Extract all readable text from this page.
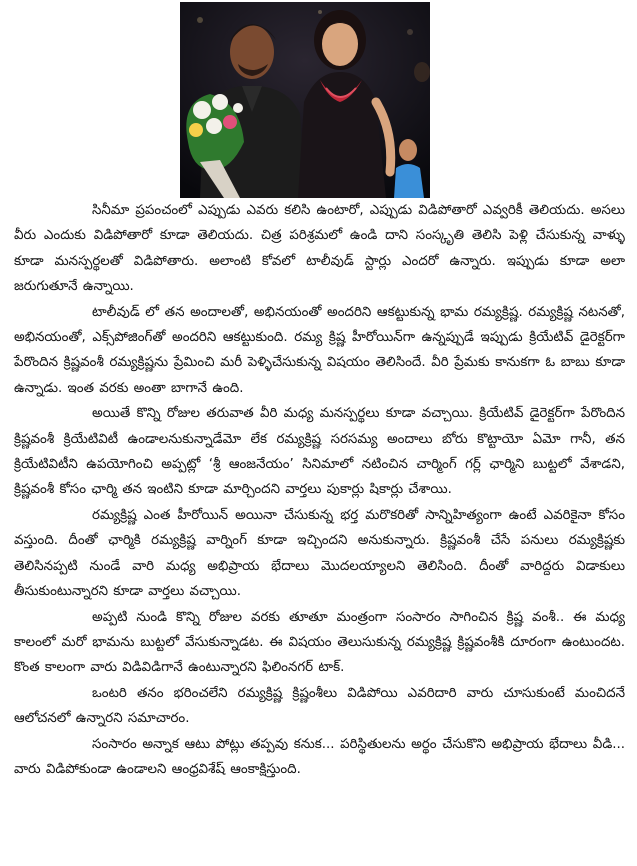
సినీమా ప్రపంచంలో ఎప్పుడు ఎవరు కలిసి ఉంటారో, ఎప్పుడు విడిపోతారో ఎవ్వరికీ తెలియదు. అసలు వీరు ఎందుకు విడిపోతారో కూడా తెలియదు. చిత్ర పరిశ్రమలో ఉండి దాని సంస్కృతి తెలిసి పెళ్లి చేసుకున్న వాళ్ళు కూడా మనస్పర్థలతో విడిపోతారు. అలాంటి కోవలో టాలీవుడ్ స్టార్లు ఎందరో ఉన్నారు. ఇప్పుడు కూడా అలా జరుగుతూనే ఉన్నాయి.

టాలీవుడ్ లో తన అందాలతో, అభినయంతో అందరిని ఆకట్టుకున్న భామ రమ్యక్రిష్ణ. రమ్యక్రిష్ణ నటనతో, అభినయంతో, ఎక్స్‌పోజింగ్‌తో అందరిని ఆకట్టుకుంది. రమ్య క్రిష్ణ హీరోయిన్‌గా ఉన్నప్పుడే ఇప్పుడు క్రియేటివ్ డైరెక్టర్‌గా పేరొందిన క్రిష్ణవంశీ రమ్యక్రిష్ణను ప్రేమించి మరీ పెళ్ళిచేసుకున్న విషయం తెలిసిందే. వీరి ప్రేమకు కానుకగా ఓ బాబు కూడా ఉన్నాడు. ఇంత వరకు అంతా బాగానే ఉంది.

అయితే కొన్ని రోజుల తరువాత వీరి మధ్య మనస్పర్థలు కూడా వచ్చాయి. క్రియేటివ్ డైరెక్టర్‌గా పేరొందిన క్రిష్ణవంశీ క్రియేటివిటీ ఉండాలనుకున్నాడేమో లేక రమ్యక్రిష్ణ సరసమ్య అందాలు బోరు కొట్టాయో ఏమో గానీ, తన క్రియేటివిటీని ఉపయోగించి అప్పట్లో ‘శ్రీ ఆంజనేయం’ సినిమాలో నటించిన చార్మింగ్ గర్ల్ ఛార్మిని బుట్టలో వేశాడని, క్రిష్ణవంశీ కోసం ఛార్మి తన ఇంటిని కూడా మార్చిందని వార్తలు పుకార్లు షికార్లు చేశాయి.

రమ్యక్రిష్ణ ఎంత హీరోయిన్ అయినా చేసుకున్న భర్త మరొకరితో సాన్నిహిత్యంగా ఉంటే ఎవరికైనా కోసం వస్తుంది. దీంతో ఛార్మికి రమ్యక్రిష్ణ వార్నింగ్ కూడా ఇచ్చిందని అనుకున్నారు. క్రిష్ణవంశీ చేసే పనులు రమ్యక్రిష్ణకు తెలిసినప్పటి నుండే వారి మధ్య అభిప్రాయ భేదాలు మొదలయ్యాలని తెలిసింది. దీంతో వారిద్దరు విడాకులు తీసుకుంటున్నారని కూడా వార్తలు వచ్చాయి.

అప్పటి నుండి కొన్ని రోజుల వరకు తూతూ మంత్రంగా సంసారం సాగించిన క్రిష్ణ వంశీ.. ఈ మధ్య కాలంలో మరో భామను బుట్టలో వేసుకున్నాడట. ఈ విషయం తెలుసుకున్న రమ్యక్రిష్ణ క్రిష్ణవంశీకి దూరంగా ఉంటుందట. కొంత కాలంగా వారు విడివిడిగానే ఉంటున్నారని ఫిలింనగర్ టాక్.

ఒంటరి తనం భరించలేని రమ్యక్రిష్ణ క్రిష్ణంశీలు విడిపోయి ఎవరిదారి వారు చూసుకుంటే మంచిదనే ఆలోచనలో ఉన్నారని సమాచారం.

సంసారం అన్నాక ఆటు పోట్లు తప్పవు కనుక... పరిస్థితులను అర్థం చేసుకొని అభిప్రాయ భేదాలు వీడి... వారు విడిపోకుండా ఉండాలని ఆంధ్రవిశేష్ ఆంకాక్షిస్తుంది.
